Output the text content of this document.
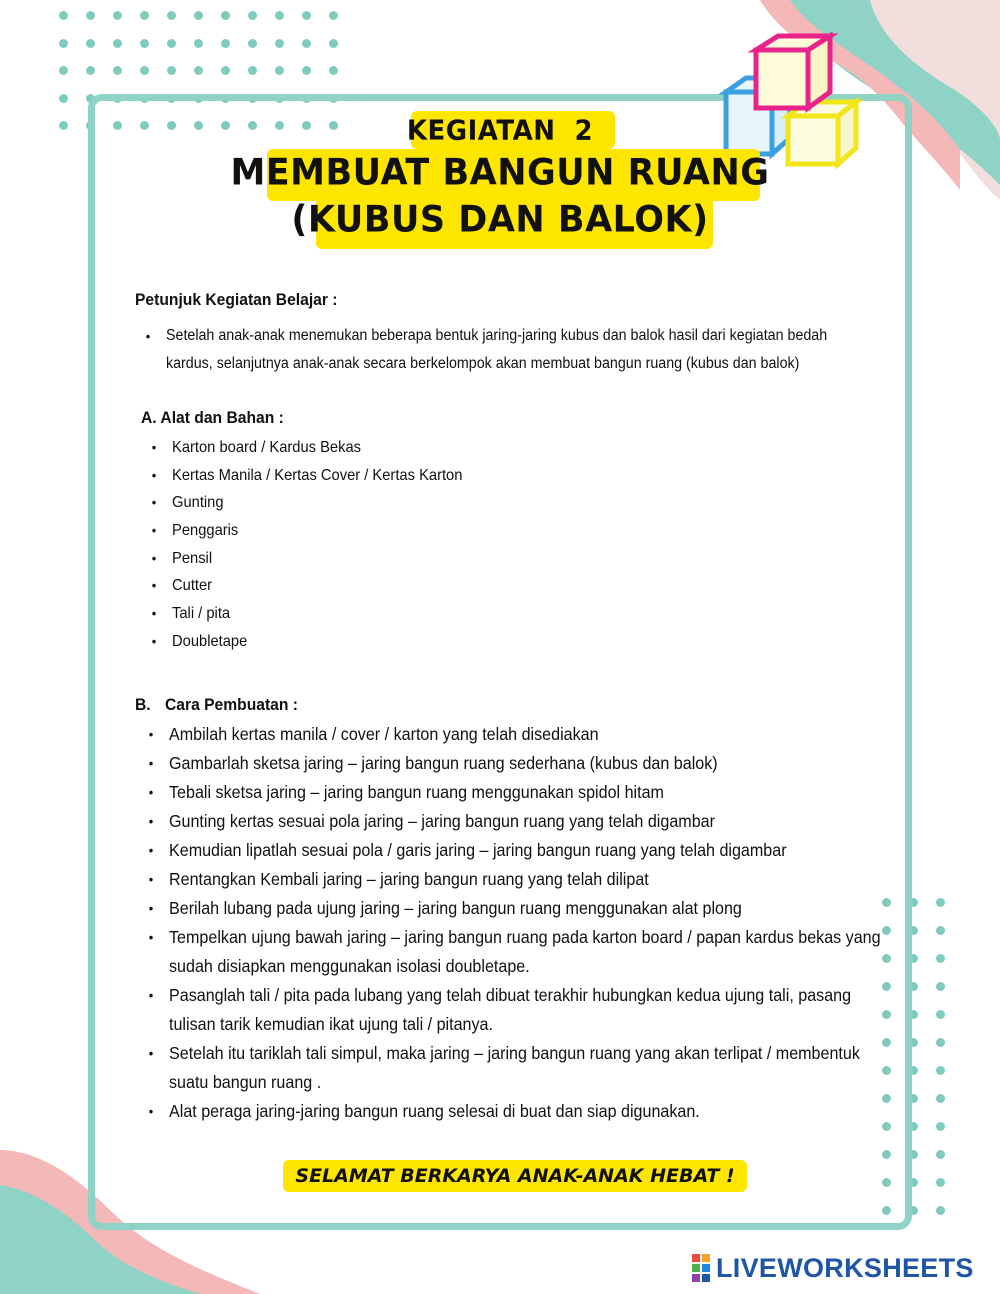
KEGIATAN  2
MEMBUAT BANGUN RUANG
(KUBUS DAN BALOK)
Petunjuk Kegiatan Belajar :
• Setelah anak-anak menemukan beberapa bentuk jaring-jaring kubus dan balok hasil dari kegiatan bedah kardus, selanjutnya anak-anak secara berkelompok akan membuat bangun ruang (kubus dan balok)
A. Alat dan Bahan :
• Karton board / Kardus Bekas
• Kertas Manila / Kertas Cover / Kertas Karton
• Gunting
• Penggaris
• Pensil
• Cutter
• Tali / pita
• Doubletape
B. Cara Pembuatan :
• Ambilah kertas manila / cover / karton yang telah disediakan
• Gambarlah sketsa jaring – jaring bangun ruang sederhana (kubus dan balok)
• Tebali sketsa jaring – jaring bangun ruang menggunakan spidol hitam
• Gunting kertas sesuai pola jaring – jaring bangun ruang yang telah digambar
• Kemudian lipatlah sesuai pola / garis jaring – jaring bangun ruang yang telah digambar
• Rentangkan Kembali jaring – jaring bangun ruang yang telah dilipat
• Berilah lubang pada ujung jaring – jaring bangun ruang menggunakan alat plong
• Tempelkan ujung bawah jaring – jaring bangun ruang pada karton board / papan kardus bekas yang sudah disiapkan menggunakan isolasi doubletape.
• Pasanglah tali / pita pada lubang yang telah dibuat terakhir hubungkan kedua ujung tali, pasang tulisan tarik kemudian ikat ujung tali / pitanya.
• Setelah itu tariklah tali simpul, maka jaring – jaring bangun ruang yang akan terlipat / membentuk suatu bangun ruang .
• Alat peraga jaring-jaring bangun ruang selesai di buat dan siap digunakan.
SELAMAT BERKARYA ANAK-ANAK HEBAT !
LIVEWORKSHEETS
